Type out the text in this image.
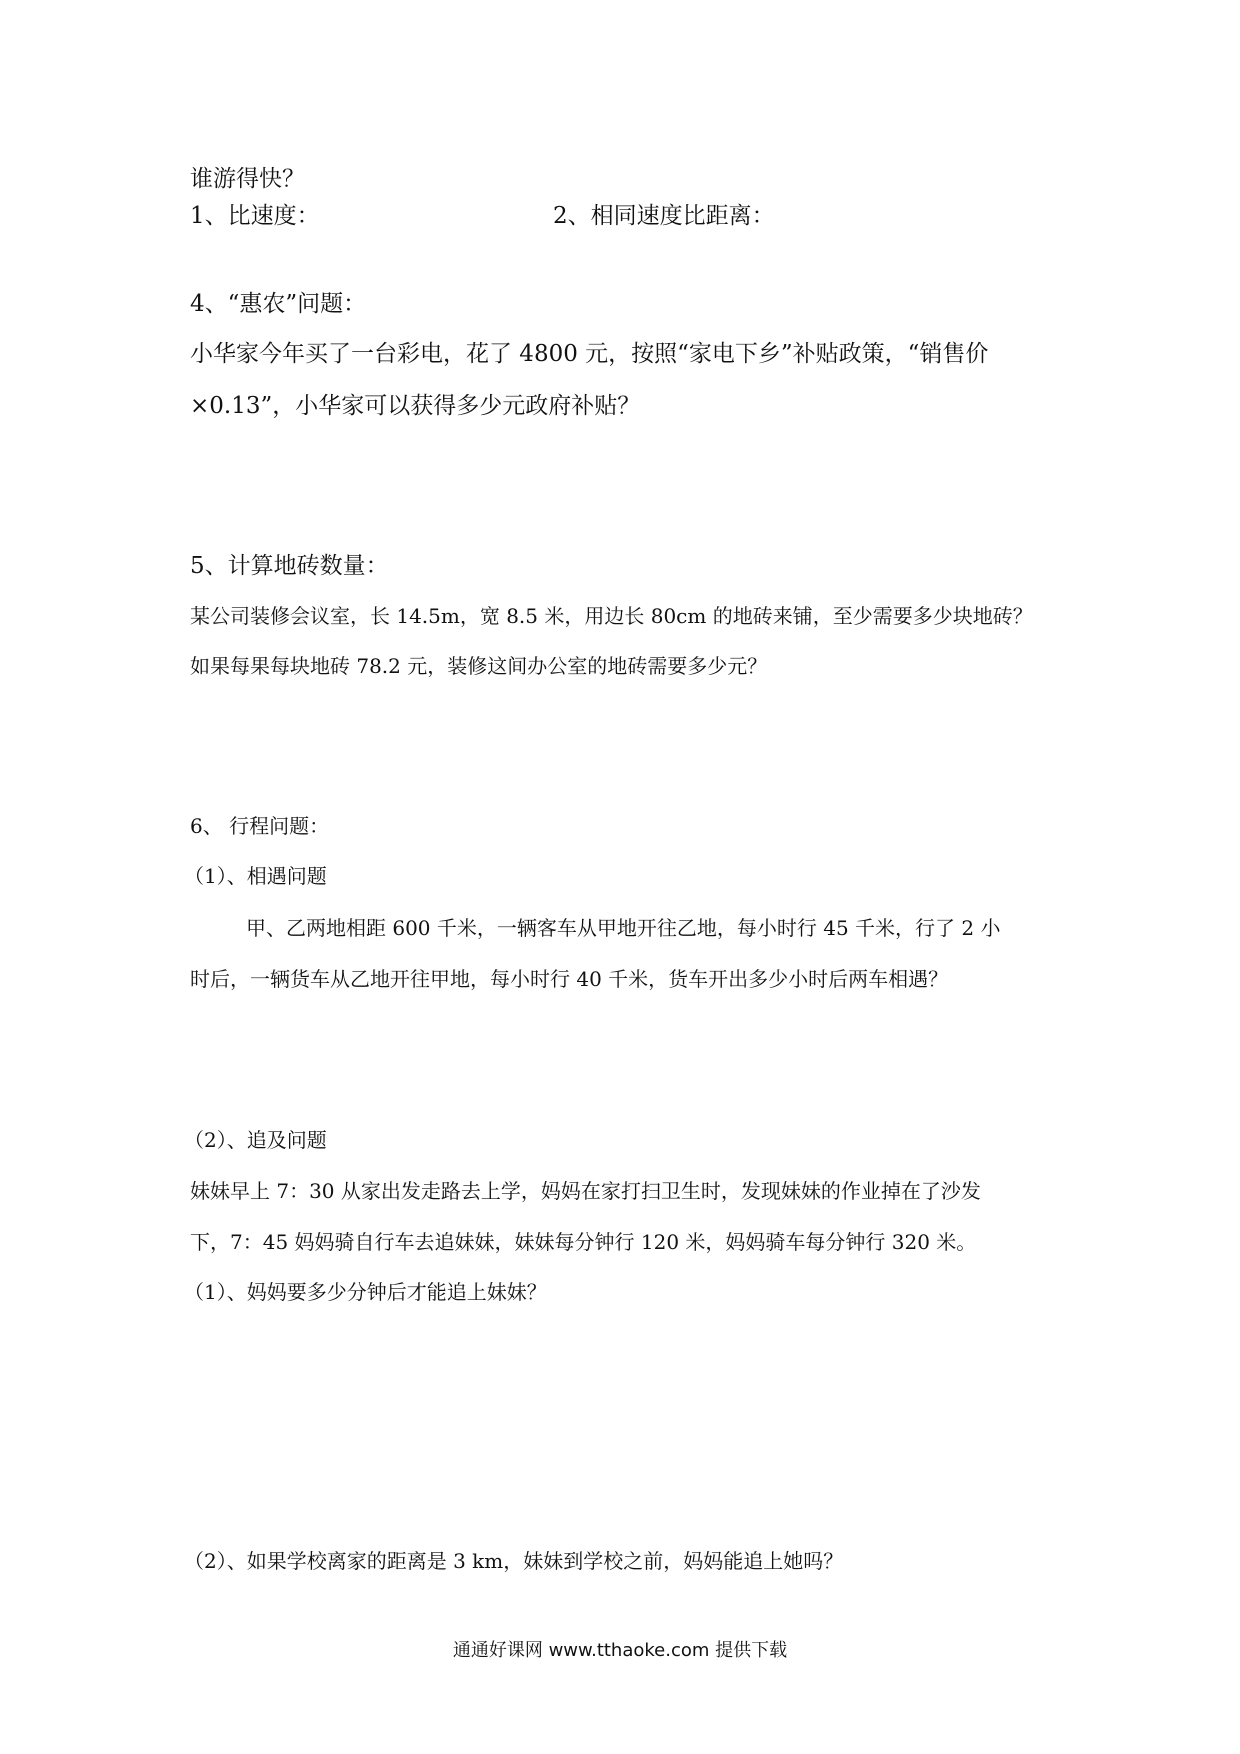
谁游得快？
1、比速度：	2、相同速度比距离：
4、“惠农”问题：
小华家今年买了一台彩电，花了 4800 元，按照“家电下乡”补贴政策，“销售价
×0.13”，小华家可以获得多少元政府补贴？
5、计算地砖数量：
某公司装修会议室，长 14.5m，宽 8.5 米，用边长 80cm 的地砖来铺，至少需要多少块地砖？
如果每果每块地砖 78.2 元，装修这间办公室的地砖需要多少元？
6、 行程问题：
（1）、相遇问题
甲、乙两地相距 600 千米，一辆客车从甲地开往乙地，每小时行 45 千米，行了 2 小
时后，一辆货车从乙地开往甲地，每小时行 40 千米，货车开出多少小时后两车相遇？
（2）、追及问题
妹妹早上 7：30 从家出发走路去上学，妈妈在家打扫卫生时，发现妹妹的作业掉在了沙发
下，7：45 妈妈骑自行车去追妹妹，妹妹每分钟行 120 米，妈妈骑车每分钟行 320 米。
（1）、妈妈要多少分钟后才能追上妹妹？
（2）、如果学校离家的距离是 3 km，妹妹到学校之前，妈妈能追上她吗？
通通好课网 www.tthaoke.com 提供下载
